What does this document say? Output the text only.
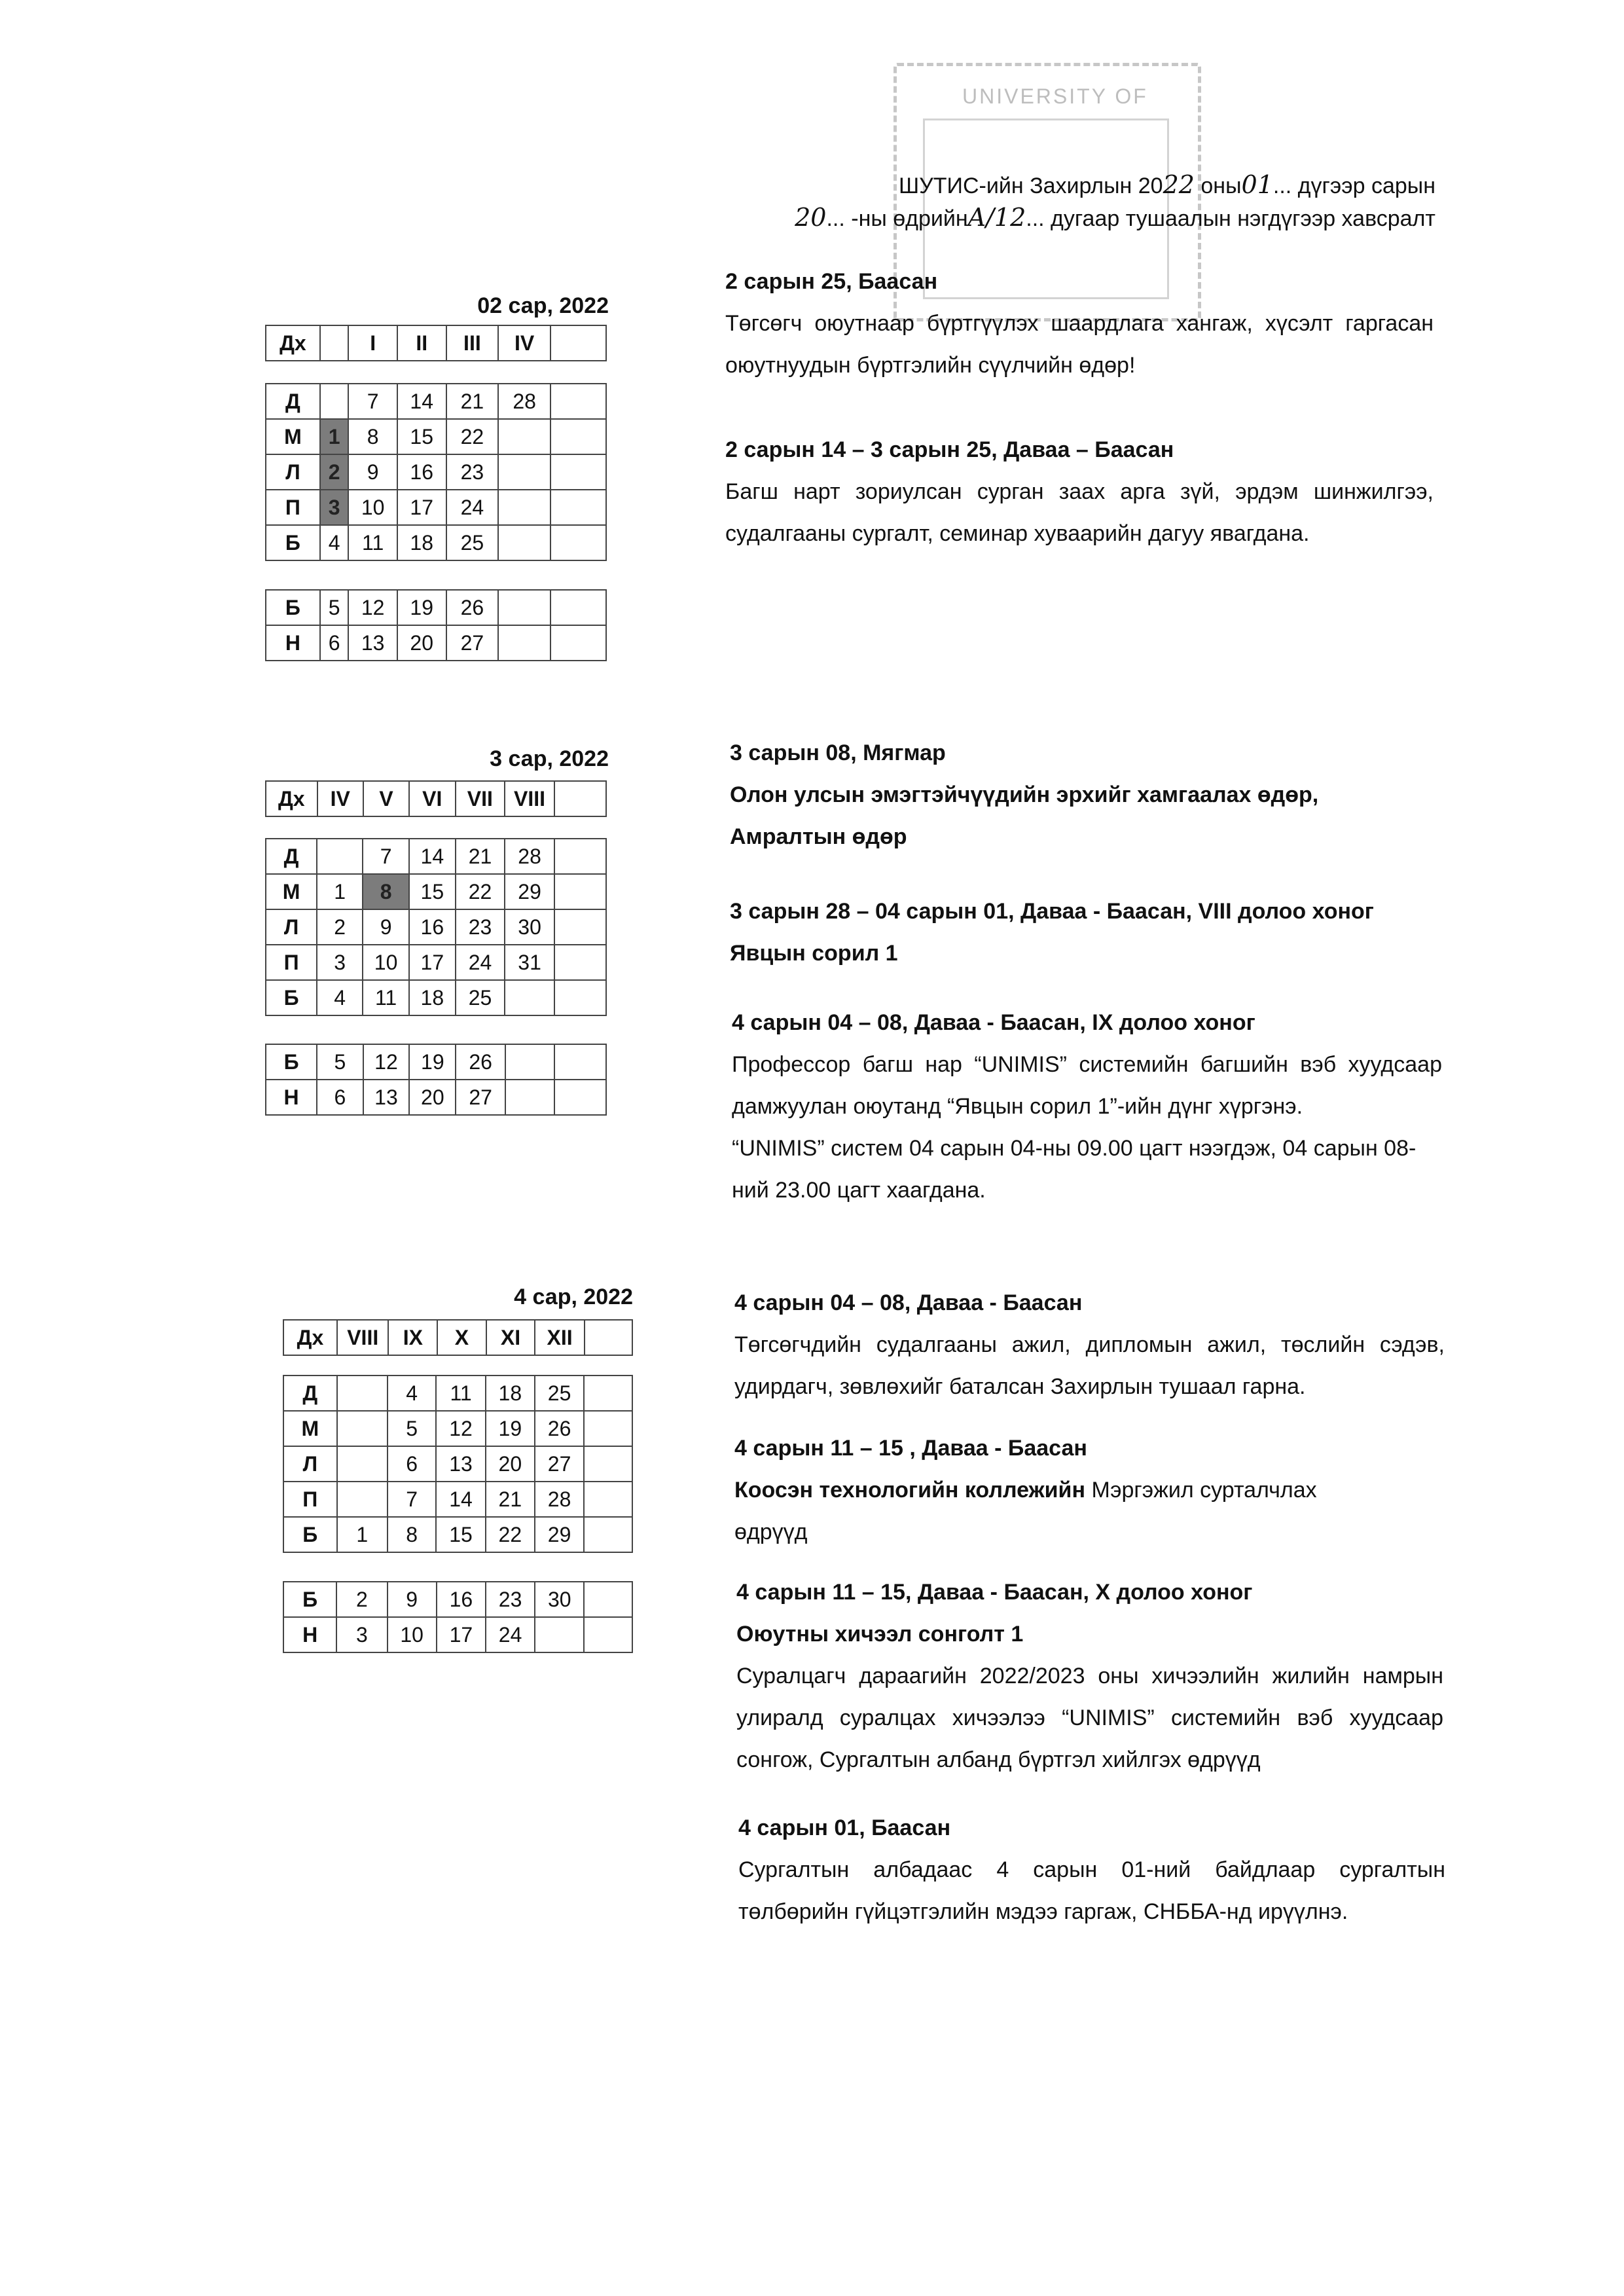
UNIVERSITY OF
ШУТИС-ийн Захирлын 2022 оны01... дүгээр сарын
20... -ны өдрийнA/12... дугаар тушаалын нэгдүгээр хавсралт
02 сар, 2022
Дх		I	II	III	IV	
Д		7	14	21	28	
М	1	8	15	22		
Л	2	9	16	23		
П	3	10	17	24		
Б	4	11	18	25		
Б	5	12	19	26		
Н	6	13	20	27		
3 сар, 2022
Дх	IV	V	VI	VII	VIII	
Д		7	14	21	28	
М	1	8	15	22	29	
Л	2	9	16	23	30	
П	3	10	17	24	31	
Б	4	11	18	25		
Б	5	12	19	26		
Н	6	13	20	27		
4 сар, 2022
Дх	VIII	IX	X	XI	XII	
Д		4	11	18	25	
М		5	12	19	26	
Л		6	13	20	27	
П		7	14	21	28	
Б	1	8	15	22	29	
Б	2	9	16	23	30	
Н	3	10	17	24		

2 сарын 25, Баасан

Төгсөгч оюутнаар бүртгүүлэх шаардлага хангаж, хүсэлт гаргасан оюутнуудын бүртгэлийн сүүлчийн өдөр!

2 сарын 14 – 3 сарын 25, Даваа – Баасан

Багш нарт зориулсан сурган заах арга зүй, эрдэм шинжилгээ, судалгааны сургалт, семинар хуваарийн дагуу явагдана.

3 сарын 08, Мягмар

Олон улсын эмэгтэйчүүдийн эрхийг хамгаалах өдөр,

Амралтын өдөр

3 сарын 28 – 04 сарын 01, Даваа - Баасан, VIII долоо хоног

Явцын сорил 1

4 сарын 04 – 08, Даваа - Баасан, IX долоо хоног

Профессор багш нар “UNIMIS” системийн багшийн вэб хуудсаар дамжуулан оюутанд “Явцын сорил 1”-ийн дүнг хүргэнэ.

“UNIMIS” систем 04 сарын 04-ны 09.00 цагт нээгдэж, 04 сарын 08-ний 23.00 цагт хаагдана.

4 сарын 04 – 08, Даваа - Баасан

Төгсөгчдийн судалгааны ажил, дипломын ажил, төслийн сэдэв, удирдагч, зөвлөхийг баталсан Захирлын тушаал гарна.

4 сарын 11 – 15 , Даваа - Баасан

Коосэн технологийн коллежийн Мэргэжил сурталчлах өдрүүд

4 сарын 11 – 15, Даваа - Баасан, X долоо хоног

Оюутны хичээл сонголт 1

Суралцагч дараагийн 2022/2023 оны хичээлийн жилийн намрын улиралд суралцах хичээлээ “UNIMIS” системийн вэб хуудсаар сонгож, Сургалтын албанд бүртгэл хийлгэх өдрүүд

4 сарын 01, Баасан

Сургалтын албадаас 4 сарын 01-ний байдлаар сургалтын төлбөрийн гүйцэтгэлийн мэдээ гаргаж, СНББА-нд ирүүлнэ.
